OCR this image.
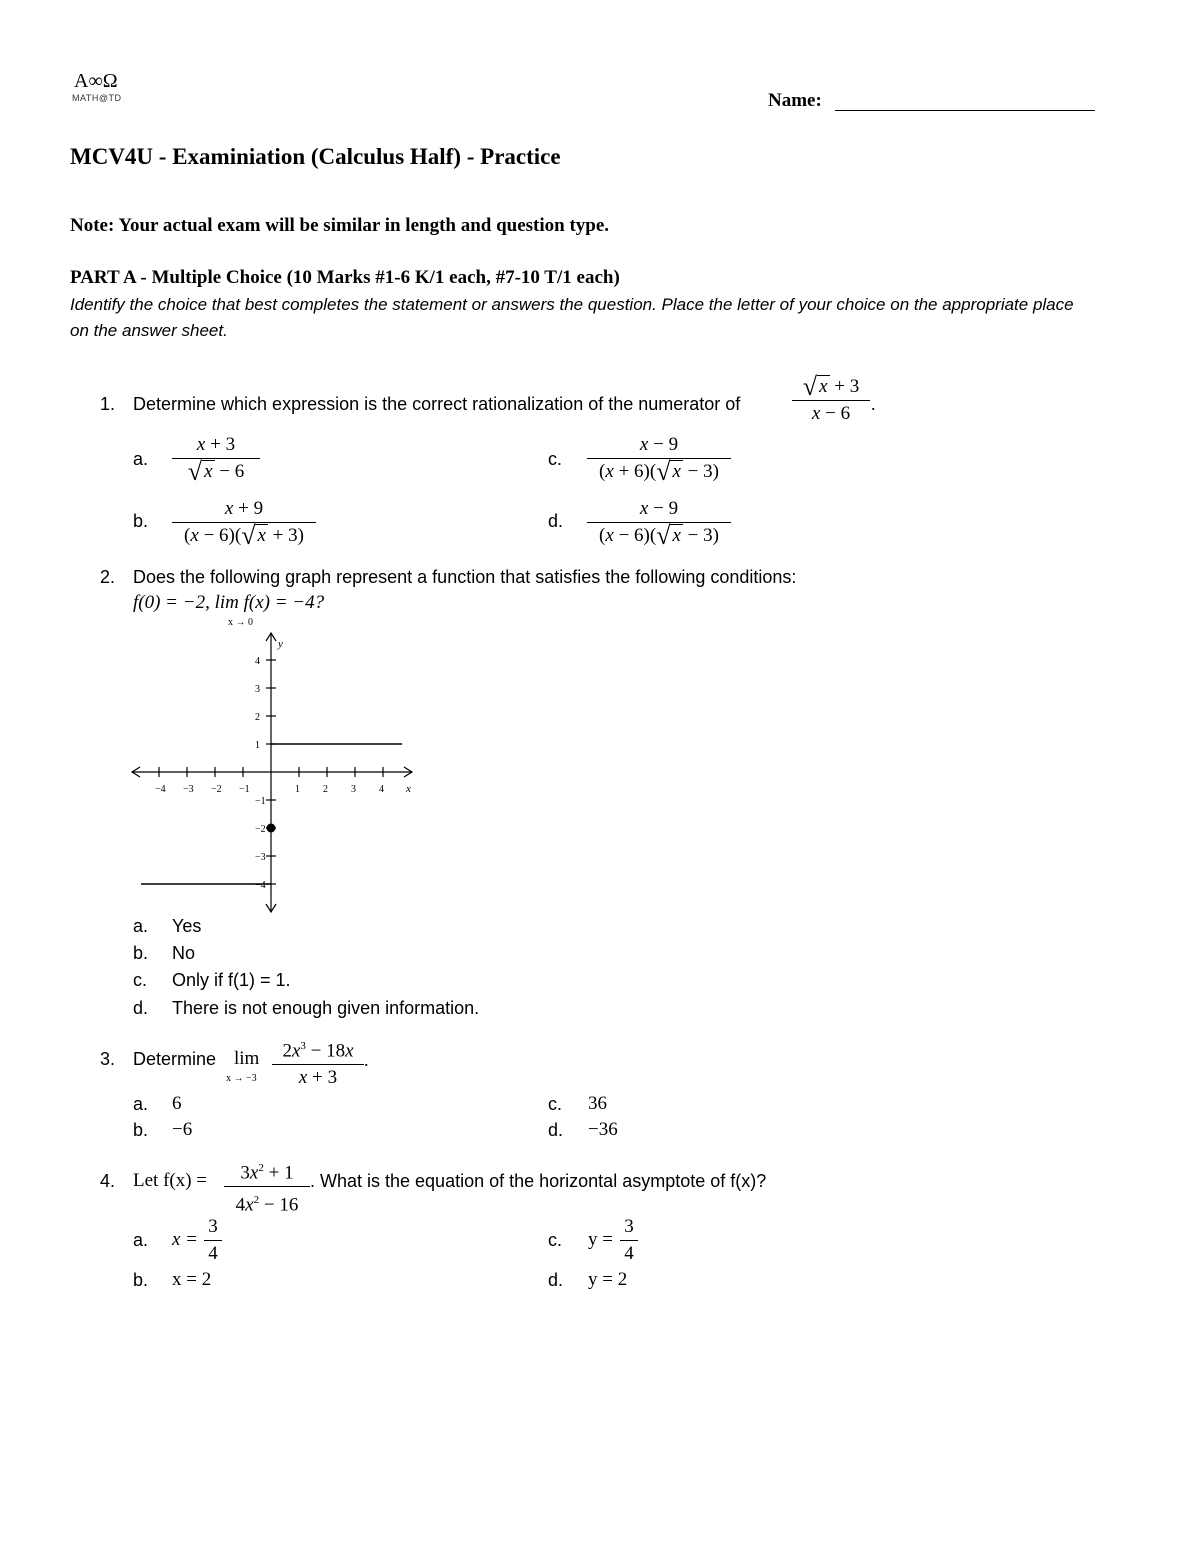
A∞Ω
MATH@TD	Name:
MCV4U - Examiniation (Calculus Half) - Practice
Note: Your actual exam will be similar in length and question type.
PART A - Multiple Choice (10 Marks #1-6 K/1 each, #7-10 T/1 each)
Identify the choice that best completes the statement or answers the question. Place the letter of your choice on the appropriate place on the answer sheet.
1. Determine which expression is the correct rationalization of the numerator of
√ x + 3
x − 6	.
a.
x + 3
√ x − 6
b.
x + 9
(x − 6)(√ x + 3)
c.
x − 9
(x + 6)(√ x − 3)
d.
x − 9
(x − 6)(√ x − 3)
2. Does the following graph represent a function that satisfies the following conditions:
f(0) = −2, lim f(x) = −4?
x → 0
−4 −3 −2 −1	1 2 3 4
4
3
2
1
−1
−2
−3
−4
x
y
a. Yes
b. No
c. Only if f(1) = 1.
d. There is not enough given information.
3. Determine lim
x → −3
$2x^3 - 18x$
x + 3
.
a. 6
b. −6
c. 36
d. −36
4. Let f(x) =	$3x^2 + 1$
$4x^2 - 16$
. What is the equation of the horizontal asymptote of f(x)?
a. x =
3
4
b. x = 2
c. y =
3
4
d. y = 2
